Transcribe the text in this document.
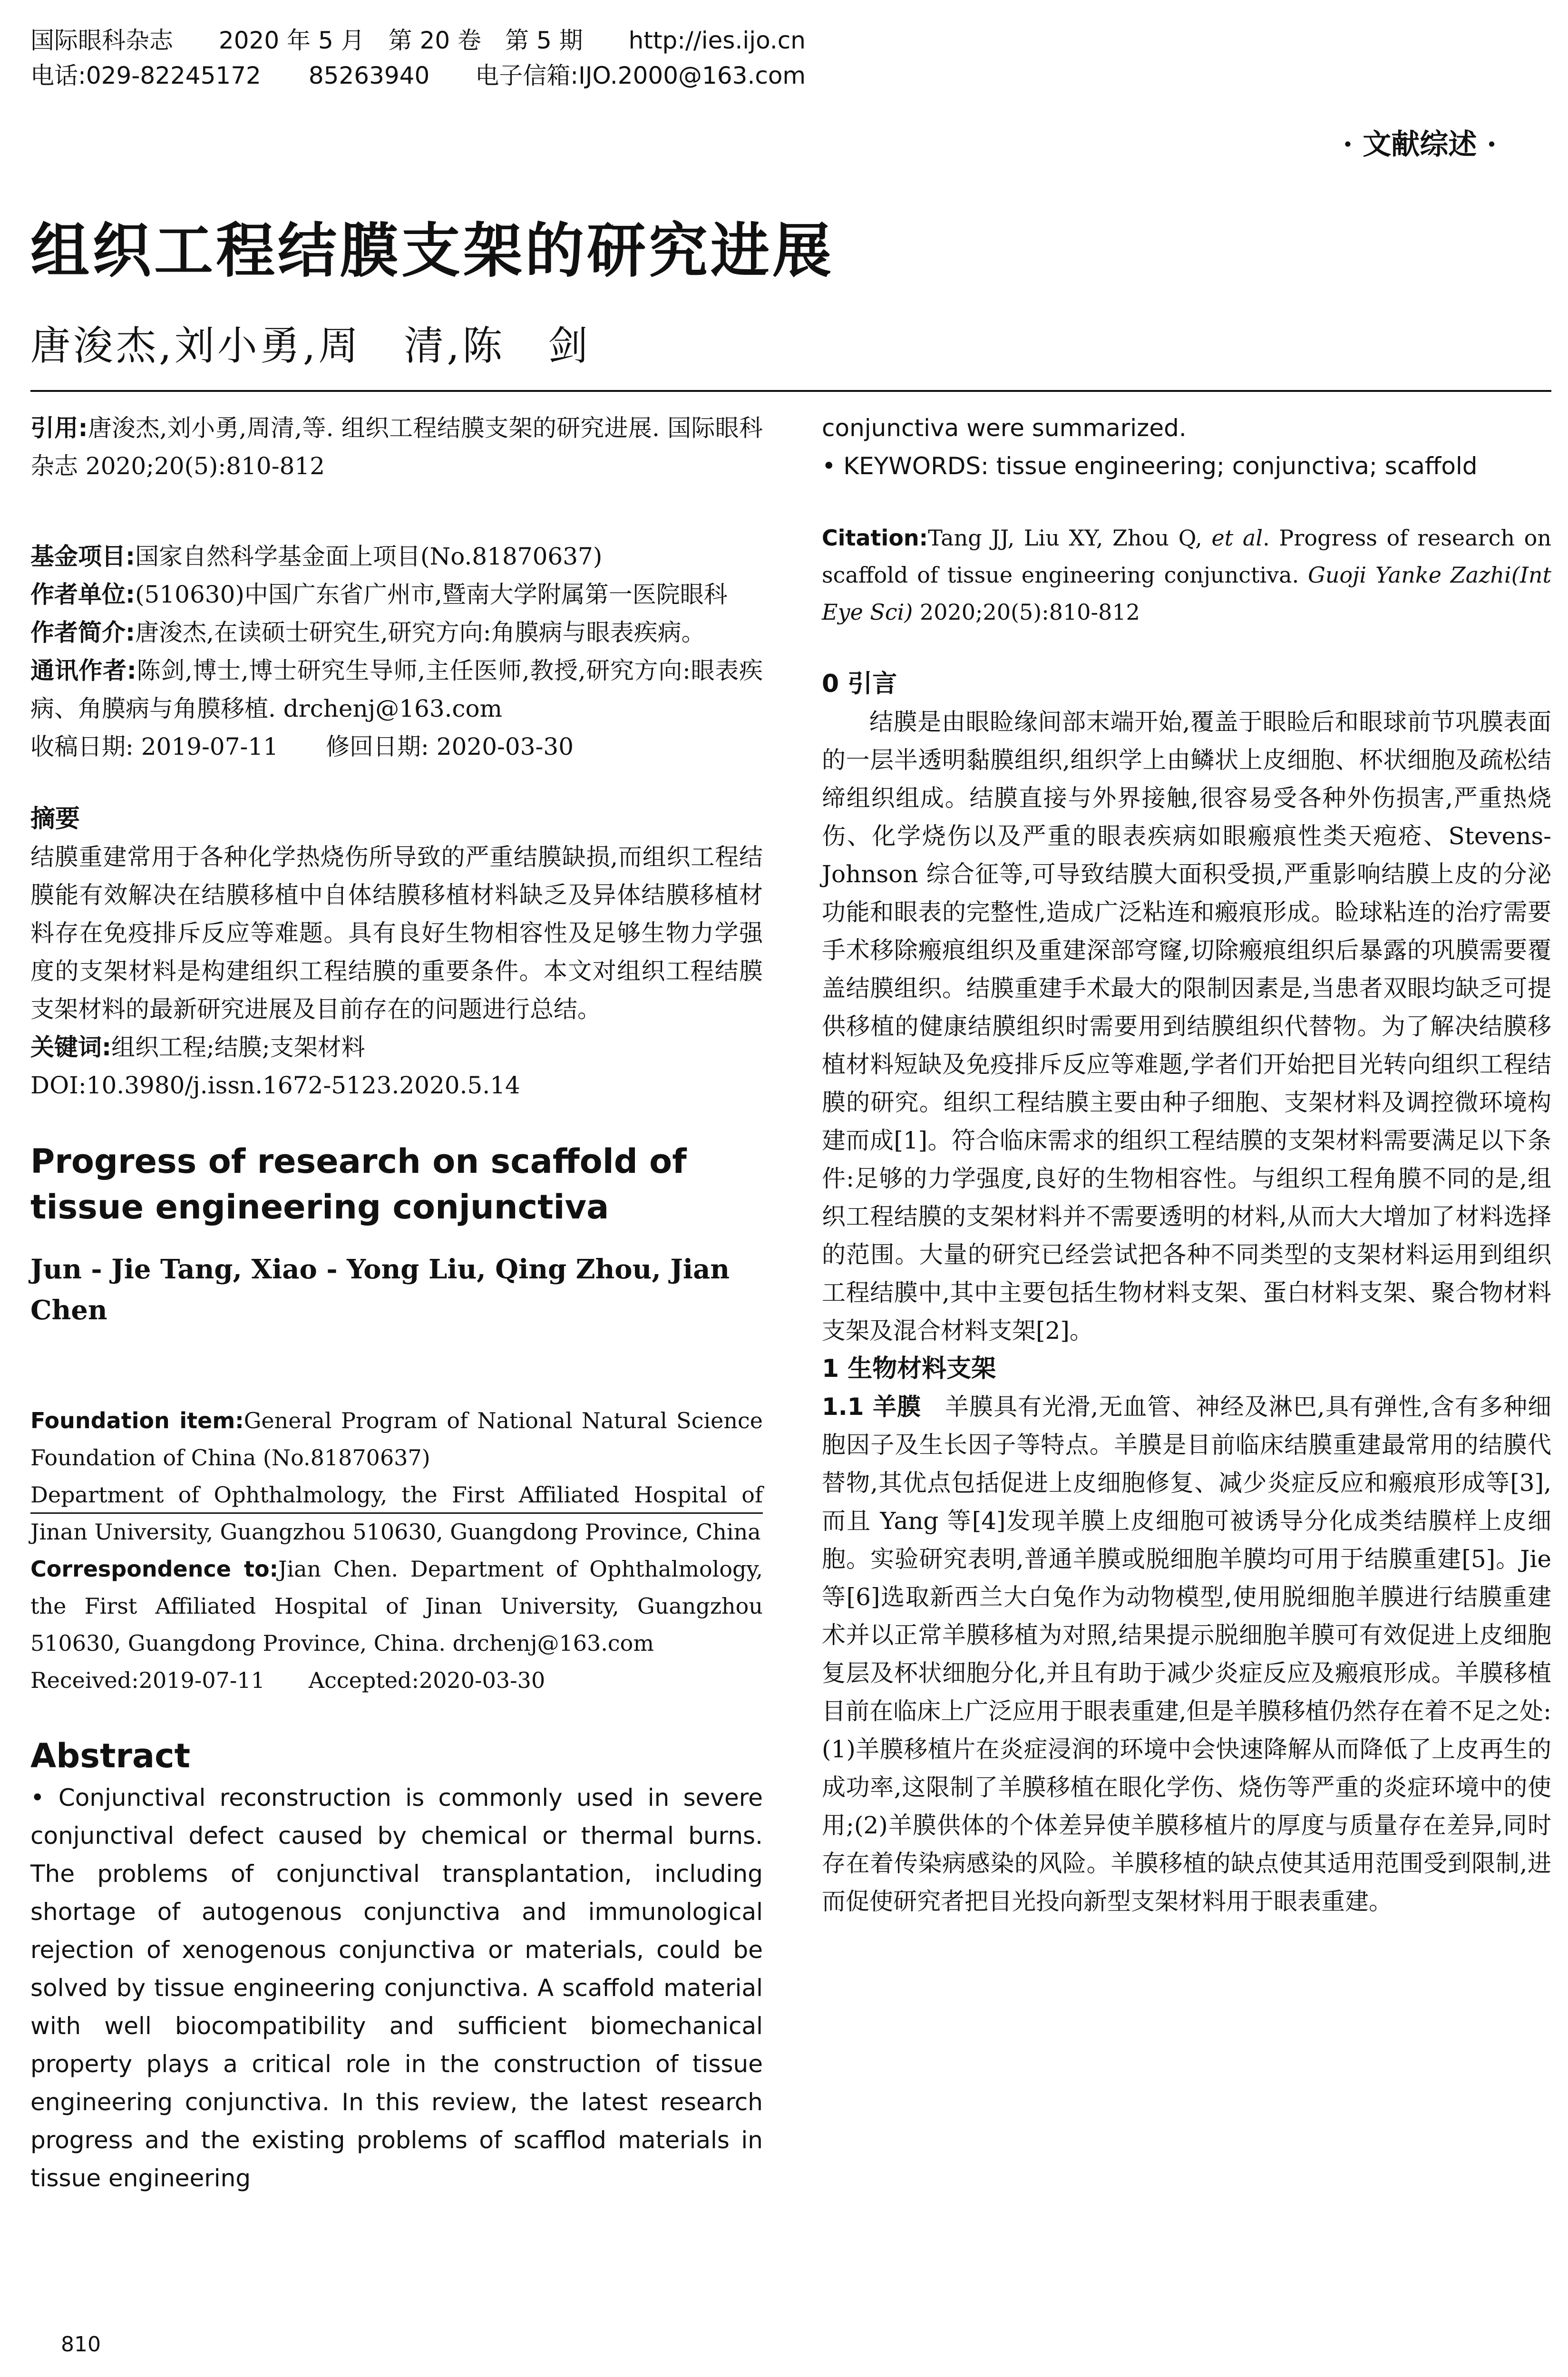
国际眼科杂志 2020 年 5 月　第 20 卷　第 5 期 http://ies.ijo.cn
电话:029-82245172　　85263940 电子信箱:IJO.2000@163.com
· 文献综述 ·
组织工程结膜支架的研究进展
唐浚杰,刘小勇,周　清,陈　剑

引用:唐浚杰,刘小勇,周清,等. 组织工程结膜支架的研究进展. 国际眼科杂志 2020;20(5):810-812

基金项目:国家自然科学基金面上项目(No.81870637)

作者单位:(510630)中国广东省广州市,暨南大学附属第一医院眼科

作者简介:唐浚杰,在读硕士研究生,研究方向:角膜病与眼表疾病。

通讯作者:陈剑,博士,博士研究生导师,主任医师,教授,研究方向:眼表疾病、角膜病与角膜移植. drchenj@163.com

收稿日期: 2019-07-11　　修回日期: 2020-03-30

摘要

结膜重建常用于各种化学热烧伤所导致的严重结膜缺损,而组织工程结膜能有效解决在结膜移植中自体结膜移植材料缺乏及异体结膜移植材料存在免疫排斥反应等难题。具有良好生物相容性及足够生物力学强度的支架材料是构建组织工程结膜的重要条件。本文对组织工程结膜支架材料的最新研究进展及目前存在的问题进行总结。

关键词:组织工程;结膜;支架材料

DOI:10.3980/j.issn.1672-5123.2020.5.14

Progress of research on scaffold of tissue engineering conjunctiva

Jun - Jie Tang, Xiao - Yong Liu, Qing Zhou, Jian Chen

Foundation item:General Program of National Natural Science Foundation of China (No.81870637)

Department of Ophthalmology, the First Affiliated Hospital of Jinan University, Guangzhou 510630, Guangdong Province, China

Correspondence to:Jian Chen. Department of Ophthalmology, the First Affiliated Hospital of Jinan University, Guangzhou 510630, Guangdong Province, China. drchenj@163.com

Received:2019-07-11　　Accepted:2020-03-30

Abstract

• Conjunctival reconstruction is commonly used in severe conjunctival defect caused by chemical or thermal burns. The problems of conjunctival transplantation, including shortage of autogenous conjunctiva and immunological rejection of xenogenous conjunctiva or materials, could be solved by tissue engineering conjunctiva. A scaffold material with well biocompatibility and sufficient biomechanical property plays a critical role in the construction of tissue engineering conjunctiva. In this review, the latest research progress and the existing problems of scafflod materials in tissue engineering

conjunctiva were summarized.

• KEYWORDS: tissue engineering; conjunctiva; scaffold

Citation:Tang JJ, Liu XY, Zhou Q, et al. Progress of research on scaffold of tissue engineering conjunctiva. Guoji Yanke Zazhi(Int Eye Sci) 2020;20(5):810-812

0 引言

结膜是由眼睑缘间部末端开始,覆盖于眼睑后和眼球前节巩膜表面的一层半透明黏膜组织,组织学上由鳞状上皮细胞、杯状细胞及疏松结缔组织组成。结膜直接与外界接触,很容易受各种外伤损害,严重热烧伤、化学烧伤以及严重的眼表疾病如眼瘢痕性类天疱疮、Stevens-Johnson 综合征等,可导致结膜大面积受损,严重影响结膜上皮的分泌功能和眼表的完整性,造成广泛粘连和瘢痕形成。睑球粘连的治疗需要手术移除瘢痕组织及重建深部穹窿,切除瘢痕组织后暴露的巩膜需要覆盖结膜组织。结膜重建手术最大的限制因素是,当患者双眼均缺乏可提供移植的健康结膜组织时需要用到结膜组织代替物。为了解决结膜移植材料短缺及免疫排斥反应等难题,学者们开始把目光转向组织工程结膜的研究。组织工程结膜主要由种子细胞、支架材料及调控微环境构建而成[1]。符合临床需求的组织工程结膜的支架材料需要满足以下条件:足够的力学强度,良好的生物相容性。与组织工程角膜不同的是,组织工程结膜的支架材料并不需要透明的材料,从而大大增加了材料选择的范围。大量的研究已经尝试把各种不同类型的支架材料运用到组织工程结膜中,其中主要包括生物材料支架、蛋白材料支架、聚合物材料支架及混合材料支架[2]。

1 生物材料支架

1.1 羊膜 羊膜具有光滑,无血管、神经及淋巴,具有弹性,含有多种细胞因子及生长因子等特点。羊膜是目前临床结膜重建最常用的结膜代替物,其优点包括促进上皮细胞修复、减少炎症反应和瘢痕形成等[3],而且 Yang 等[4]发现羊膜上皮细胞可被诱导分化成类结膜样上皮细胞。实验研究表明,普通羊膜或脱细胞羊膜均可用于结膜重建[5]。Jie 等[6]选取新西兰大白兔作为动物模型,使用脱细胞羊膜进行结膜重建术并以正常羊膜移植为对照,结果提示脱细胞羊膜可有效促进上皮细胞复层及杯状细胞分化,并且有助于减少炎症反应及瘢痕形成。羊膜移植目前在临床上广泛应用于眼表重建,但是羊膜移植仍然存在着不足之处:(1)羊膜移植片在炎症浸润的环境中会快速降解从而降低了上皮再生的成功率,这限制了羊膜移植在眼化学伤、烧伤等严重的炎症环境中的使用;(2)羊膜供体的个体差异使羊膜移植片的厚度与质量存在差异,同时存在着传染病感染的风险。羊膜移植的缺点使其适用范围受到限制,进而促使研究者把目光投向新型支架材料用于眼表重建。

810
